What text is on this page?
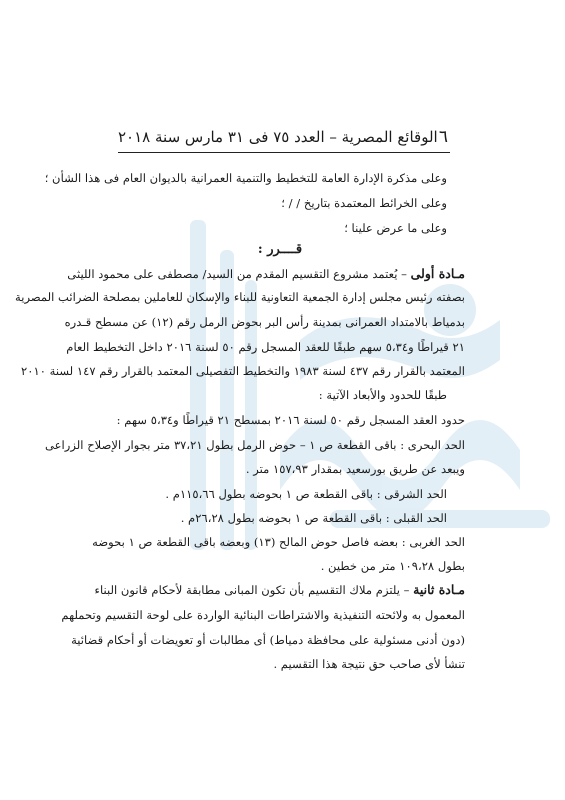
٦
الوقائع المصرية – العدد ٧٥ فى ٣١ مارس سنة ٢٠١٨
وعلى مذكرة الإدارة العامة للتخطيط والتنمية العمرانية بالديوان العام فى هذا الشأن ؛
وعلى الخرائط المعتمدة بتاريخ / / ؛
وعلى ما عرض علينا ؛
قــــرر :
مـادة أولى – يُعتمد مشروع التقسيم المقدم من السيد/ مصطفى على محمود الليثى
بصفته رئيس مجلس إدارة الجمعية التعاونية للبناء والإسكان للعاملين بمصلحة الضرائب المصرية
بدمياط بالامتداد العمرانى بمدينة رأس البر بحوض الرمل رقم (١٢) عن مسطح قـدره
٢١ قيراطًا و٥،٣٤ سهم طبقًا للعقد المسجل رقم ٥٠ لسنة ٢٠١٦ داخل التخطيط العام
المعتمد بالقرار رقم ٤٣٧ لسنة ١٩٨٣ والتخطيط التفصيلى المعتمد بالقرار رقم ١٤٧ لسنة ٢٠١٠
طبقًا للحدود والأبعاد الآتية :
حدود العقد المسجل رقم ٥٠ لسنة ٢٠١٦ بمسطح ٢١ قيراطًا و٥،٣٤ سهم :
الحد البحرى : باقى القطعة ص ١ – حوض الرمل بطول ٣٧،٢١ متر بجوار الإصلاح الزراعى
ويبعد عن طريق بورسعيد بمقدار ١٥٧،٩٣ متر .
الحد الشرقى : باقى القطعة ص ١ بحوضه بطول ١١٥،٦٦م .
الحد القبلى : باقى القطعة ص ١ بحوضه بطول ٢٦،٢٨م .
الحد الغربى : بعضه فاصل حوض المالح (١٣) وبعضه باقى القطعة ص ١ بحوضه
بطول ١٠٩،٢٨ متر من خطين .
مـادة ثانية – يلتزم ملاك التقسيم بأن تكون المبانى مطابقة لأحكام قانون البناء
المعمول به ولائحته التنفيذية والاشتراطات البنائية الواردة على لوحة التقسيم وتحملهم
(دون أدنى مسئولية على محافظة دمياط) أى مطالبات أو تعويضات أو أحكام قضائية
تنشأ لأى صاحب حق نتيجة هذا التقسيم .
